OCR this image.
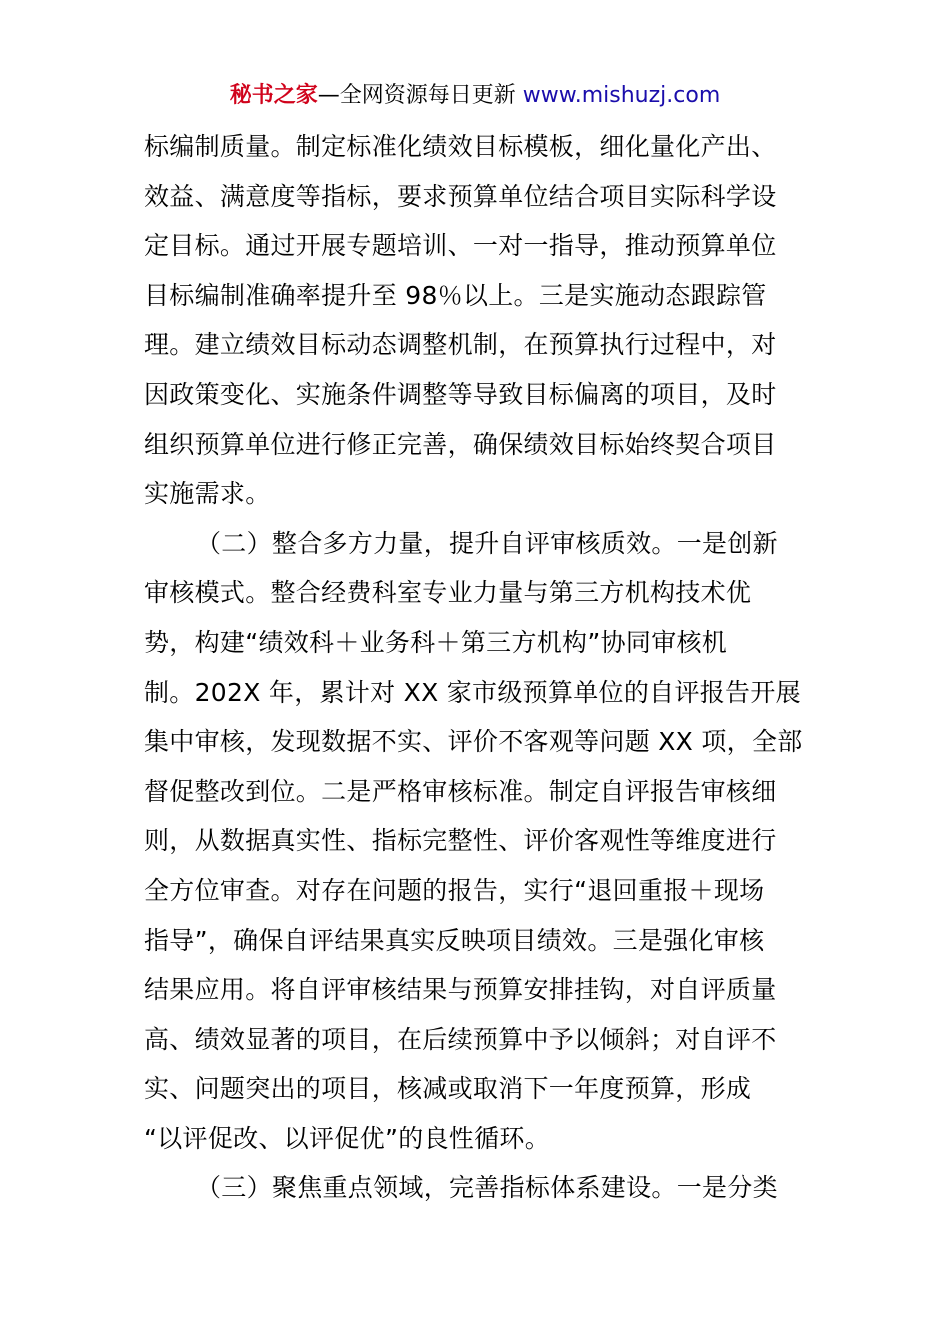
秘书之家—全网资源每日更新 www.mishuzj.com
标编制质量。制定标准化绩效目标模板，细化量化产出、
效益、满意度等指标，要求预算单位结合项目实际科学设
定目标。通过开展专题培训、一对一指导，推动预算单位
目标编制准确率提升至 98％以上。三是实施动态跟踪管
理。建立绩效目标动态调整机制，在预算执行过程中，对
因政策变化、实施条件调整等导致目标偏离的项目，及时
组织预算单位进行修正完善，确保绩效目标始终契合项目
实施需求。
（二）整合多方力量，提升自评审核质效。一是创新
审核模式。整合经费科室专业力量与第三方机构技术优
势，构建“绩效科＋业务科＋第三方机构”协同审核机
制。202X 年，累计对 XX 家市级预算单位的自评报告开展
集中审核，发现数据不实、评价不客观等问题 XX 项，全部
督促整改到位。二是严格审核标准。制定自评报告审核细
则，从数据真实性、指标完整性、评价客观性等维度进行
全方位审查。对存在问题的报告，实行“退回重报＋现场
指导”，确保自评结果真实反映项目绩效。三是强化审核
结果应用。将自评审核结果与预算安排挂钩，对自评质量
高、绩效显著的项目，在后续预算中予以倾斜；对自评不
实、问题突出的项目，核减或取消下一年度预算，形成
“以评促改、以评促优”的良性循环。
（三）聚焦重点领域，完善指标体系建设。一是分类
